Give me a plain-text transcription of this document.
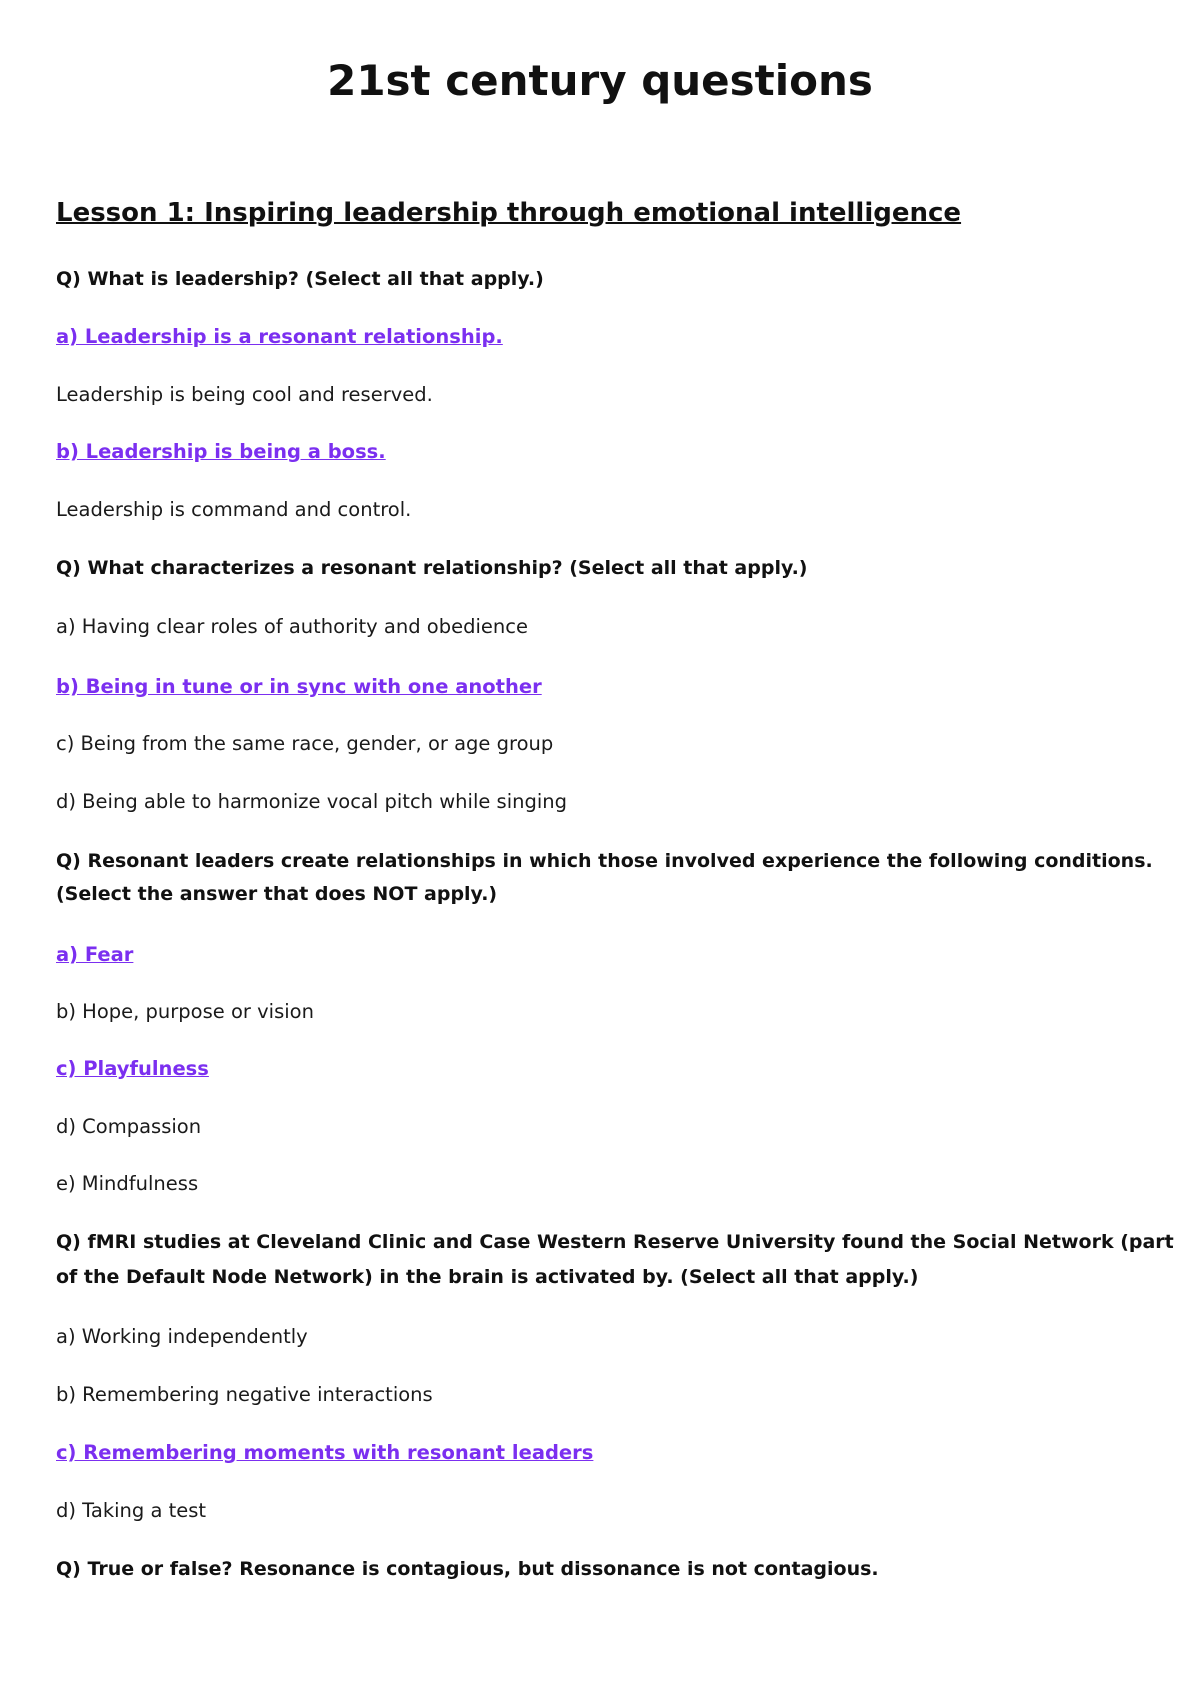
21st century questions
Lesson 1: Inspiring leadership through emotional intelligence
Q) What is leadership? (Select all that apply.)
a) Leadership is a resonant relationship.
Leadership is being cool and reserved.
b) Leadership is being a boss.
Leadership is command and control.
Q) What characterizes a resonant relationship? (Select all that apply.)
a) Having clear roles of authority and obedience
b) Being in tune or in sync with one another
c) Being from the same race, gender, or age group
d) Being able to harmonize vocal pitch while singing
Q) Resonant leaders create relationships in which those involved experience the following conditions.
(Select the answer that does NOT apply.)
a) Fear
b) Hope, purpose or vision
c) Playfulness
d) Compassion
e) Mindfulness
Q) fMRI studies at Cleveland Clinic and Case Western Reserve University found the Social Network (part
of the Default Node Network) in the brain is activated by. (Select all that apply.)
a) Working independently
b) Remembering negative interactions
c) Remembering moments with resonant leaders
d) Taking a test
Q) True or false? Resonance is contagious, but dissonance is not contagious.
